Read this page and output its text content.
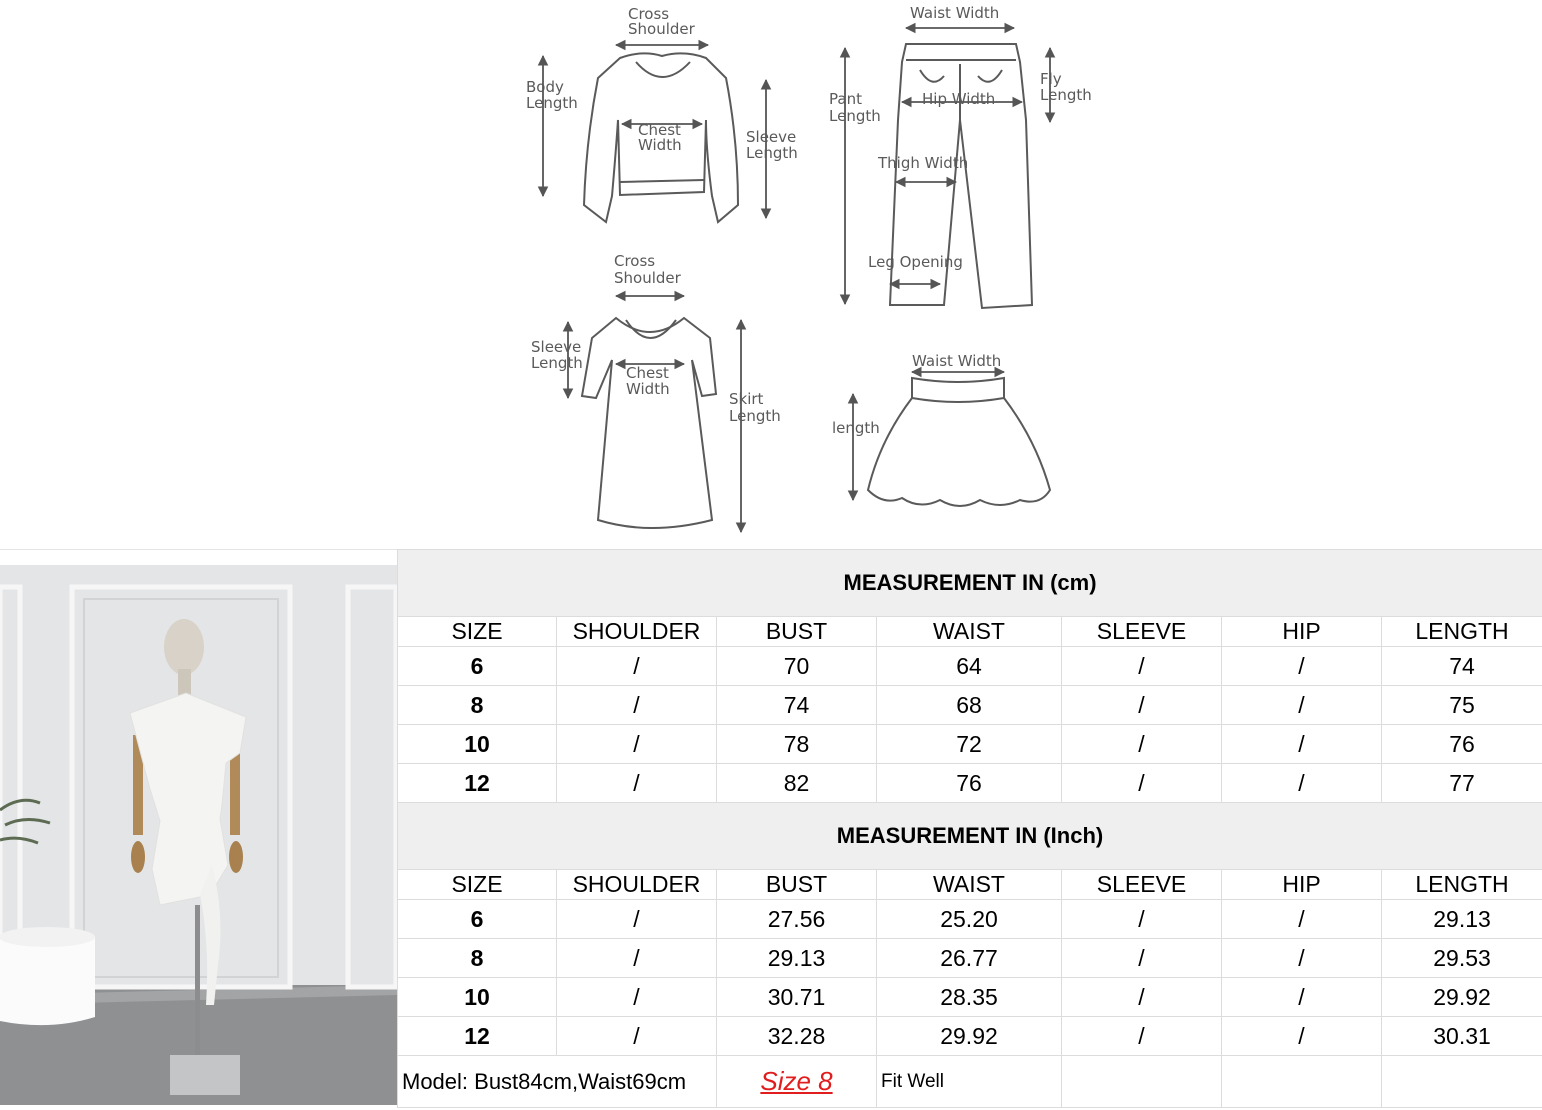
Cross
Shoulder
Body
Length
Chest
Width	Sleeve
Length
Waist Width
Fly
Length
Pant
Length
Hip Width
Thigh Width
Leg Opening
Cross
Shoulder
Sleeve
Length
Chest
Width
Skirt
Length
Waist Width
length
MEASUREMENT IN (cm)						
SIZE	SHOULDER	BUST	WAIST	SLEEVE	HIP	LENGTH
6	/	70	64	/	/	74
8	/	74	68	/	/	75
10	/	78	72	/	/	76
12	/	82	76	/	/	77
MEASUREMENT IN (Inch)						
SIZE	SHOULDER	BUST	WAIST	SLEEVE	HIP	LENGTH
6	/	27.56	25.20	/	/	29.13
8	/	29.13	26.77	/	/	29.53
10	/	30.71	28.35	/	/	29.92
12	/	32.28	29.92	/	/	30.31
Model: Bust84cm,Waist69cm		Size 8	Fit Well			
